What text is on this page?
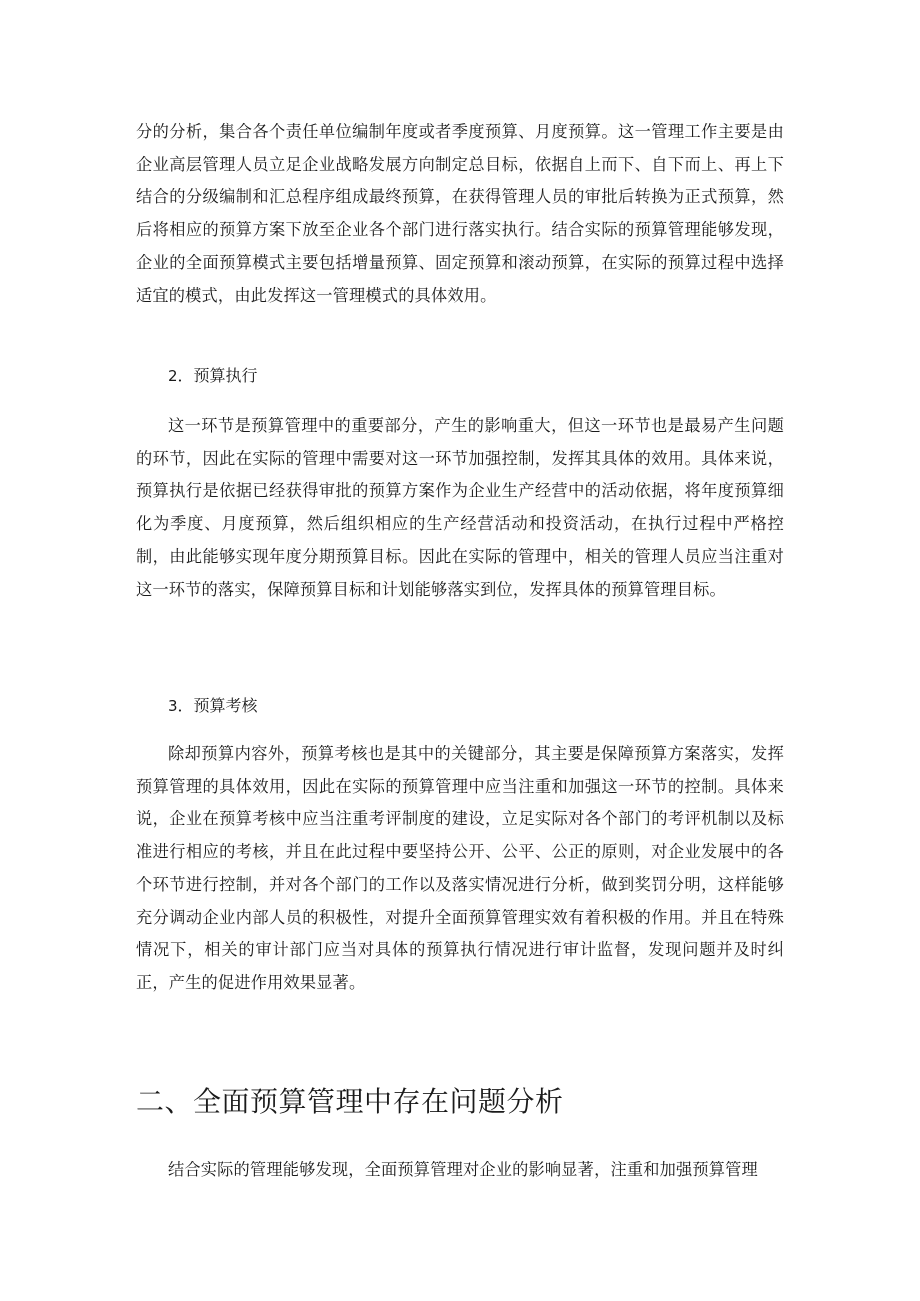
分的分析，集合各个责任单位编制年度或者季度预算、月度预算。这一管理工作主要是由企业高层管理人员立足企业战略发展方向制定总目标，依据自上而下、自下而上、再上下结合的分级编制和汇总程序组成最终预算，在获得管理人员的审批后转换为正式预算，然后将相应的预算方案下放至企业各个部门进行落实执行。结合实际的预算管理能够发现，企业的全面预算模式主要包括增量预算、固定预算和滚动预算，在实际的预算过程中选择适宜的模式，由此发挥这一管理模式的具体效用。

2．预算执行

这一环节是预算管理中的重要部分，产生的影响重大，但这一环节也是最易产生问题的环节，因此在实际的管理中需要对这一环节加强控制，发挥其具体的效用。具体来说，预算执行是依据已经获得审批的预算方案作为企业生产经营中的活动依据，将年度预算细化为季度、月度预算，然后组织相应的生产经营活动和投资活动，在执行过程中严格控制，由此能够实现年度分期预算目标。因此在实际的管理中，相关的管理人员应当注重对这一环节的落实，保障预算目标和计划能够落实到位，发挥具体的预算管理目标。

3．预算考核

除却预算内容外，预算考核也是其中的关键部分，其主要是保障预算方案落实，发挥预算管理的具体效用，因此在实际的预算管理中应当注重和加强这一环节的控制。具体来说，企业在预算考核中应当注重考评制度的建设，立足实际对各个部门的考评机制以及标准进行相应的考核，并且在此过程中要坚持公开、公平、公正的原则，对企业发展中的各个环节进行控制，并对各个部门的工作以及落实情况进行分析，做到奖罚分明，这样能够充分调动企业内部人员的积极性，对提升全面预算管理实效有着积极的作用。并且在特殊情况下，相关的审计部门应当对具体的预算执行情况进行审计监督，发现问题并及时纠正，产生的促进作用效果显著。

二、全面预算管理中存在问题分析

结合实际的管理能够发现，全面预算管理对企业的影响显著，注重和加强预算管理
